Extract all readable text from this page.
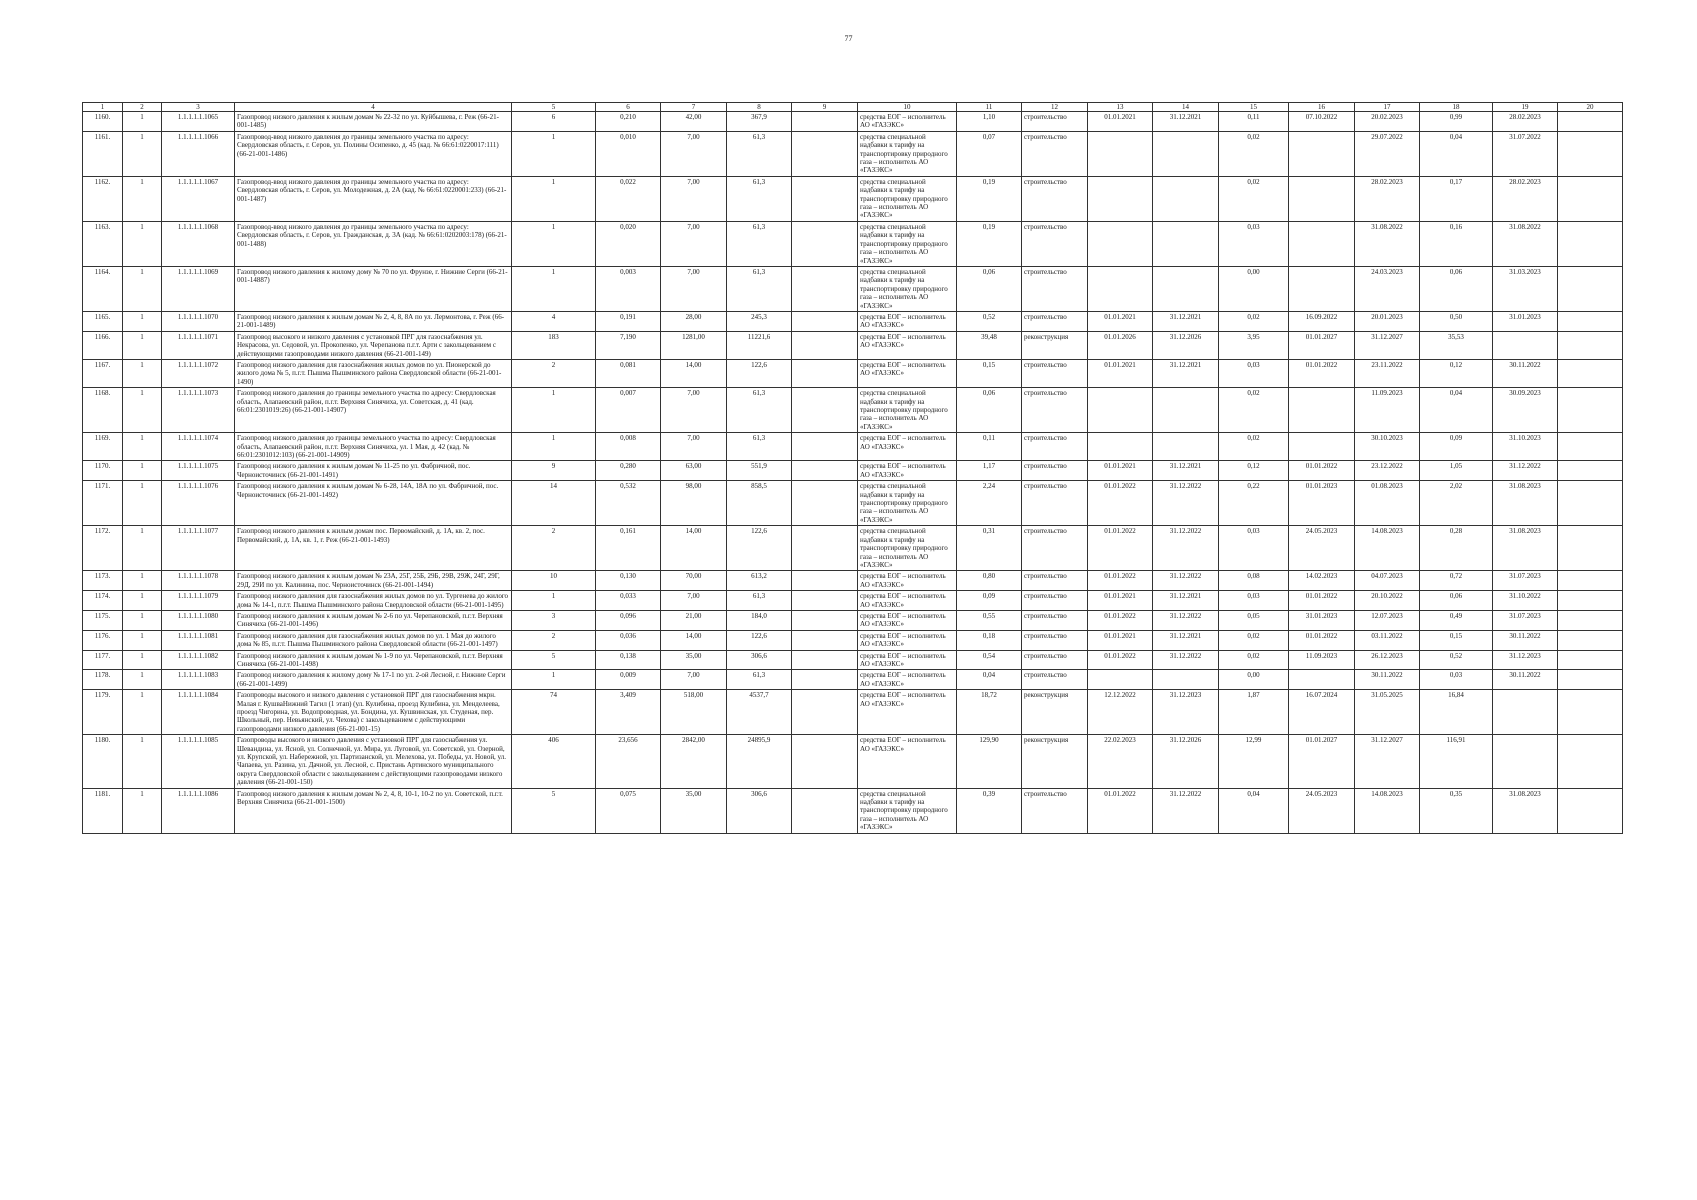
77
1	2	3	4	5	6	7	8	9	10	11	12	13	14	15	16	17	18	19	20
1160.	1	1.1.1.1.1.1065	Газопровод низкого давления к жилым домам № 22-32 по ул. Куйбышева, г. Реж (66-21-001-1485)	6	0,210	42,00	367,9		средства ЕОГ – исполнитель АО «ГАЗЭКС»	1,10	строительство	01.01.2021	31.12.2021	0,11	07.10.2022	20.02.2023	0,99	28.02.2023	
1161.	1	1.1.1.1.1.1066	Газопровод-ввод низкого давления до границы земельного участка по адресу: Свердловская область, г. Серов, ул. Полины Осипенко, д. 45 (кад. № 66:61:0220017:111) (66-21-001-1486)	1	0,010	7,00	61,3		средства специальной надбавки к тарифу на транспортировку природного газа – исполнитель АО «ГАЗЭКС»	0,07	строительство			0,02		29.07.2022	0,04	31.07.2022	
1162.	1	1.1.1.1.1.1067	Газопровод-ввод низкого давления до границы земельного участка по адресу: Свердловская область, г. Серов, ул. Молодежная, д. 2А (кад. № 66:61:0220001:233) (66-21-001-1487)	1	0,022	7,00	61,3		средства специальной надбавки к тарифу на транспортировку природного газа – исполнитель АО «ГАЗЭКС»	0,19	строительство			0,02		28.02.2023	0,17	28.02.2023	
1163.	1	1.1.1.1.1.1068	Газопровод-ввод низкого давления до границы земельного участка по адресу: Свердловская область, г. Серов, ул. Гражданская, д. 3А (кад. № 66:61:0202003:178) (66-21-001-1488)	1	0,020	7,00	61,3		средства специальной надбавки к тарифу на транспортировку природного газа – исполнитель АО «ГАЗЭКС»	0,19	строительство			0,03		31.08.2022	0,16	31.08.2022	
1164.	1	1.1.1.1.1.1069	Газопровод низкого давления к жилому дому № 70 по ул. Фрунзе, г. Нижние Серги (66-21-001-14887)	1	0,003	7,00	61,3		средства специальной надбавки к тарифу на транспортировку природного газа – исполнитель АО «ГАЗЭКС»	0,06	строительство			0,00		24.03.2023	0,06	31.03.2023	
1165.	1	1.1.1.1.1.1070	Газопровод низкого давления к жилым домам № 2, 4, 8, 8А по ул. Лермонтова, г. Реж (66-21-001-1489)	4	0,191	28,00	245,3		средства ЕОГ – исполнитель АО «ГАЗЭКС»	0,52	строительство	01.01.2021	31.12.2021	0,02	16.09.2022	20.01.2023	0,50	31.01.2023	
1166.	1	1.1.1.1.1.1071	Газопровод высокого и низкого давления с установкой ПРГ для газоснабжения ул. Некрасова, ул. Седовой, ул. Прокопенко, ул. Черепанова п.г.т. Арти с закольцеванием с действующими газопроводами низкого давления (66-21-001-149)	183	7,190	1281,00	11221,6		средства ЕОГ – исполнитель АО «ГАЗЭКС»	39,48	реконструкция	01.01.2026	31.12.2026	3,95	01.01.2027	31.12.2027	35,53		
1167.	1	1.1.1.1.1.1072	Газопровод низкого давления для газоснабжения жилых домов по ул. Пионерской до жилого дома № 5, п.г.т. Пышма Пышминского района Свердловской области (66-21-001-1490)	2	0,081	14,00	122,6		средства ЕОГ – исполнитель АО «ГАЗЭКС»	0,15	строительство	01.01.2021	31.12.2021	0,03	01.01.2022	23.11.2022	0,12	30.11.2022	
1168.	1	1.1.1.1.1.1073	Газопровод низкого давления до границы земельного участка по адресу: Свердловская область, Алапаевский район, п.г.т. Верхняя Синячиха, ул. Советская, д. 41 (кад. 66:01:2301019:26) (66-21-001-14907)	1	0,007	7,00	61,3		средства специальной надбавки к тарифу на транспортировку природного газа – исполнитель АО «ГАЗЭКС»	0,06	строительство			0,02		11.09.2023	0,04	30.09.2023	
1169.	1	1.1.1.1.1.1074	Газопровод низкого давления до границы земельного участка по адресу: Свердловская область, Алапаевский район, п.г.т. Верхняя Синячиха, ул. 1 Мая, д. 42 (кад. № 66:01:2301012:103) (66-21-001-14909)	1	0,008	7,00	61,3		средства ЕОГ – исполнитель АО «ГАЗЭКС»	0,11	строительство			0,02		30.10.2023	0,09	31.10.2023	
1170.	1	1.1.1.1.1.1075	Газопровод низкого давления к жилым домам № 11-25 по ул. Фабричной, пос. Черноисточинск (66-21-001-1491)	9	0,280	63,00	551,9		средства ЕОГ – исполнитель АО «ГАЗЭКС»	1,17	строительство	01.01.2021	31.12.2021	0,12	01.01.2022	23.12.2022	1,05	31.12.2022	
1171.	1	1.1.1.1.1.1076	Газопровод низкого давления к жилым домам № 6-28, 14А, 18А по ул. Фабричной, пос. Черноисточинск (66-21-001-1492)	14	0,532	98,00	858,5		средства специальной надбавки к тарифу на транспортировку природного газа – исполнитель АО «ГАЗЭКС»	2,24	строительство	01.01.2022	31.12.2022	0,22	01.01.2023	01.08.2023	2,02	31.08.2023	
1172.	1	1.1.1.1.1.1077	Газопровод низкого давления к жилым домам пос. Первомайский, д. 1А, кв. 2, пос. Первомайский, д. 1А, кв. 1, г. Реж (66-21-001-1493)	2	0,161	14,00	122,6		средства специальной надбавки к тарифу на транспортировку природного газа – исполнитель АО «ГАЗЭКС»	0,31	строительство	01.01.2022	31.12.2022	0,03	24.05.2023	14.08.2023	0,28	31.08.2023	
1173.	1	1.1.1.1.1.1078	Газопровод низкого давления к жилым домам № 23А, 25Г, 25Б, 29Б, 29В, 29Ж, 24Г, 29Г, 29Д, 29И по ул. Калинина, пос. Черноисточинск (66-21-001-1494)	10	0,130	70,00	613,2		средства ЕОГ – исполнитель АО «ГАЗЭКС»	0,80	строительство	01.01.2022	31.12.2022	0,08	14.02.2023	04.07.2023	0,72	31.07.2023	
1174.	1	1.1.1.1.1.1079	Газопровод низкого давления для газоснабжения жилых домов по ул. Тургенева до жилого дома № 14-1, п.г.т. Пышма Пышминского района Свердловской области (66-21-001-1495)	1	0,033	7,00	61,3		средства ЕОГ – исполнитель АО «ГАЗЭКС»	0,09	строительство	01.01.2021	31.12.2021	0,03	01.01.2022	20.10.2022	0,06	31.10.2022	
1175.	1	1.1.1.1.1.1080	Газопровод низкого давления к жилым домам № 2-6 по ул. Черепановской, п.г.т. Верхняя Синячиха (66-21-001-1496)	3	0,096	21,00	184,0		средства ЕОГ – исполнитель АО «ГАЗЭКС»	0,55	строительство	01.01.2022	31.12.2022	0,05	31.01.2023	12.07.2023	0,49	31.07.2023	
1176.	1	1.1.1.1.1.1081	Газопровод низкого давления для газоснабжения жилых домов по ул. 1 Мая до жилого дома № 85, п.г.т. Пышма Пышминского района Свердловской области (66-21-001-1497)	2	0,036	14,00	122,6		средства ЕОГ – исполнитель АО «ГАЗЭКС»	0,18	строительство	01.01.2021	31.12.2021	0,02	01.01.2022	03.11.2022	0,15	30.11.2022	
1177.	1	1.1.1.1.1.1082	Газопровод низкого давления к жилым домам № 1-9 по ул. Черепановской, п.г.т. Верхняя Синячиха (66-21-001-1498)	5	0,138	35,00	306,6		средства ЕОГ – исполнитель АО «ГАЗЭКС»	0,54	строительство	01.01.2022	31.12.2022	0,02	11.09.2023	26.12.2023	0,52	31.12.2023	
1178.	1	1.1.1.1.1.1083	Газопровод низкого давления к жилому дому № 17-1 по ул. 2-ой Лесной, г. Нижние Серги (66-21-001-1499)	1	0,009	7,00	61,3		средства ЕОГ – исполнитель АО «ГАЗЭКС»	0,04	строительство			0,00		30.11.2022	0,03	30.11.2022	
1179.	1	1.1.1.1.1.1084	Газопроводы высокого и низкого давления с установкой ПРГ для газоснабжения мкрн. Малая г. КушваНижний Тагил (1 этап) (ул. Кулибина, проезд Кулибина, ул. Менделеева, проезд Чигорина, ул. Водопроводная, ул. Бондина, ул. Кушвинская, ул. Студеная, пер. Школьный, пер. Невьянский, ул. Чехова) с закольцеванием с действующими газопроводами низкого давления (66-21-001-15)	74	3,409	518,00	4537,7		средства ЕОГ – исполнитель АО «ГАЗЭКС»	18,72	реконструкция	12.12.2022	31.12.2023	1,87	16.07.2024	31.05.2025	16,84		
1180.	1	1.1.1.1.1.1085	Газопроводы высокого и низкого давления с установкой ПРГ для газоснабжения ул. Шевандина, ул. Ясной, ул. Солнечной, ул. Мира, ул. Луговой, ул. Советской, ул. Озерной, ул. Крупской, ул. Набережной, ул. Партизанской, ул. Мелехова, ул. Победы, ул. Новой, ул. Чапаева, ул. Разина, ул. Дачной, ул. Лесной, с. Пристань Артинского муниципального округа Свердловской области с закольцеванием с действующими газопроводами низкого давления (66-21-001-150)	406	23,656	2842,00	24895,9		средства ЕОГ – исполнитель АО «ГАЗЭКС»	129,90	реконструкция	22.02.2023	31.12.2026	12,99	01.01.2027	31.12.2027	116,91		
1181.	1	1.1.1.1.1.1086	Газопровод низкого давления к жилым домам № 2, 4, 8, 10-1, 10-2 по ул. Советской, п.г.т. Верхняя Синячиха (66-21-001-1500)	5	0,075	35,00	306,6		средства специальной надбавки к тарифу на транспортировку природного газа – исполнитель АО «ГАЗЭКС»	0,39	строительство	01.01.2022	31.12.2022	0,04	24.05.2023	14.08.2023	0,35	31.08.2023	
